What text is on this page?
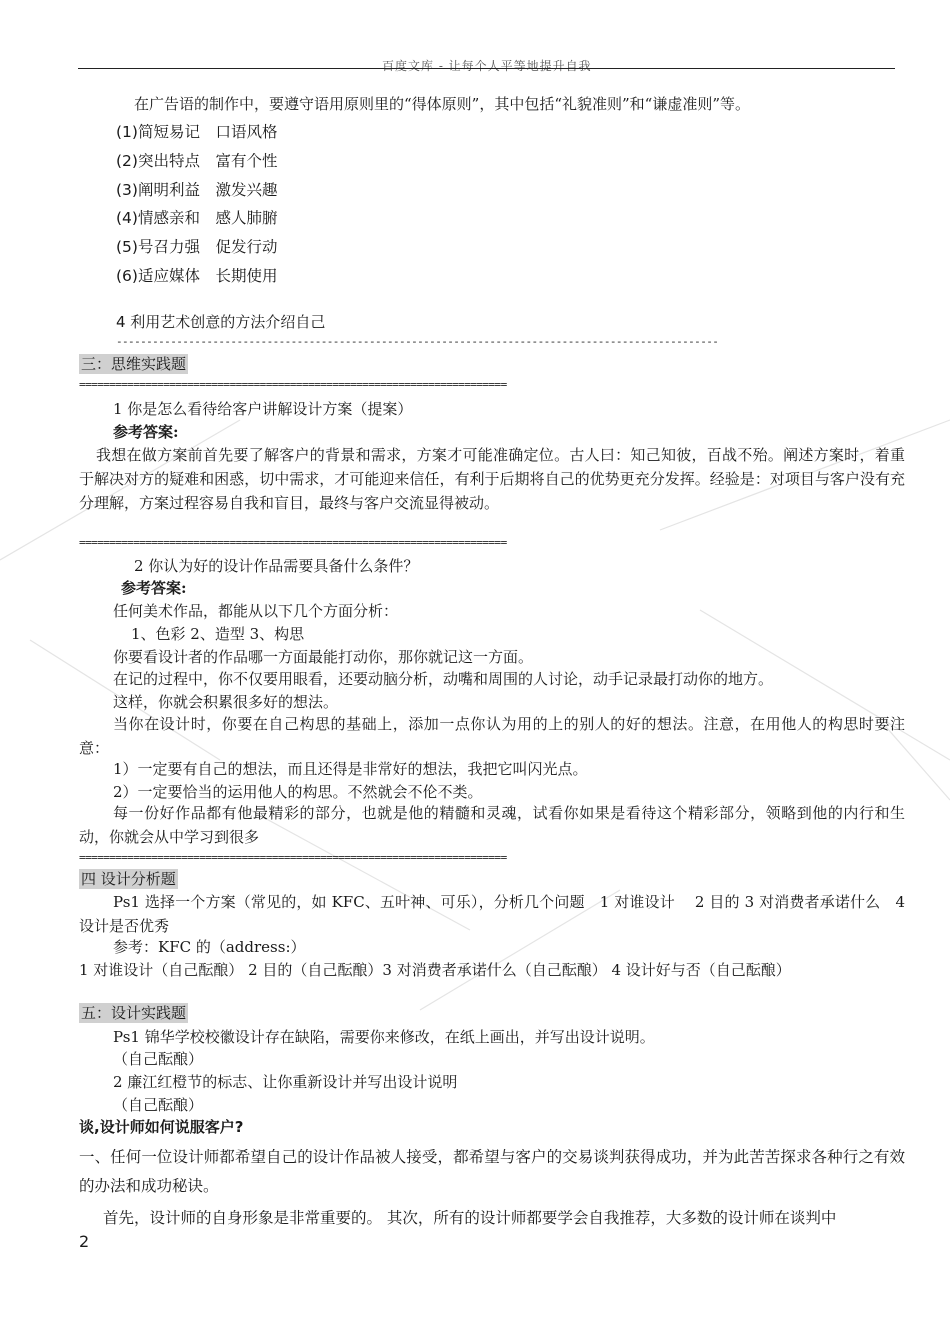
百度文库 - 让每个人平等地提升自我
在广告语的制作中，要遵守语用原则里的“得体原则”，其中包括“礼貌准则”和“谦虚准则”等。
(1)简短易记　口语风格
(2)突出特点　富有个性
(3)阐明利益　激发兴趣
(4)情感亲和　感人肺腑
(5)号召力强　促发行动
(6)适应媒体　长期使用
4 利用艺术创意的方法介绍自己
----------------------------------------------------------------------------------------------------
三：思维实践题
=======================================================================
1 你是怎么看待给客户讲解设计方案（提案）
参考答案:
我想在做方案前首先要了解客户的背景和需求，方案才可能准确定位。古人曰：知己知彼，百战不殆。阐述方案时，着重于解决对方的疑难和困惑，切中需求，才可能迎来信任，有利于后期将自己的优势更充分发挥。经验是：对项目与客户没有充分理解，方案过程容易自我和盲目，最终与客户交流显得被动。
=======================================================================
2 你认为好的设计作品需要具备什么条件？
参考答案:
任何美术作品，都能从以下几个方面分析：
1、色彩 2、造型 3、构思
你要看设计者的作品哪一方面最能打动你，那你就记这一方面。
在记的过程中，你不仅要用眼看，还要动脑分析，动嘴和周围的人讨论，动手记录最打动你的地方。
这样，你就会积累很多好的想法。
当你在设计时，你要在自己构思的基础上，添加一点你认为用的上的别人的好的想法。注意，在用他人的构思时要注意：
1）一定要有自己的想法，而且还得是非常好的想法，我把它叫闪光点。
2）一定要恰当的运用他人的构思。不然就会不伦不类。
每一份好作品都有他最精彩的部分，也就是他的精髓和灵魂，试看你如果是看待这个精彩部分，领略到他的内行和生动，你就会从中学习到很多
=======================================================================
四 设计分析题
Ps1 选择一个方案（常见的，如 KFC、五叶神、可乐），分析几个问题　1 对谁设计　 2 目的 3 对消费者承诺什么　4 设计是否优秀
参考：KFC 的（address:）
1 对谁设计（自己酝酿） 2 目的（自己酝酿）3 对消费者承诺什么（自己酝酿） 4 设计好与否（自己酝酿）
五：设计实践题
Ps1 锦华学校校徽设计存在缺陷，需要你来修改，在纸上画出，并写出设计说明。
（自己酝酿）
2 廉江红橙节的标志、让你重新设计并写出设计说明
（自己酝酿）
谈,设计师如何说服客户?
一、任何一位设计师都希望自己的设计作品被人接受，都希望与客户的交易谈判获得成功，并为此苦苦探求各种行之有效的办法和成功秘诀。
首先，设计师的自身形象是非常重要的。 其次，所有的设计师都要学会自我推荐，大多数的设计师在谈判中
2
